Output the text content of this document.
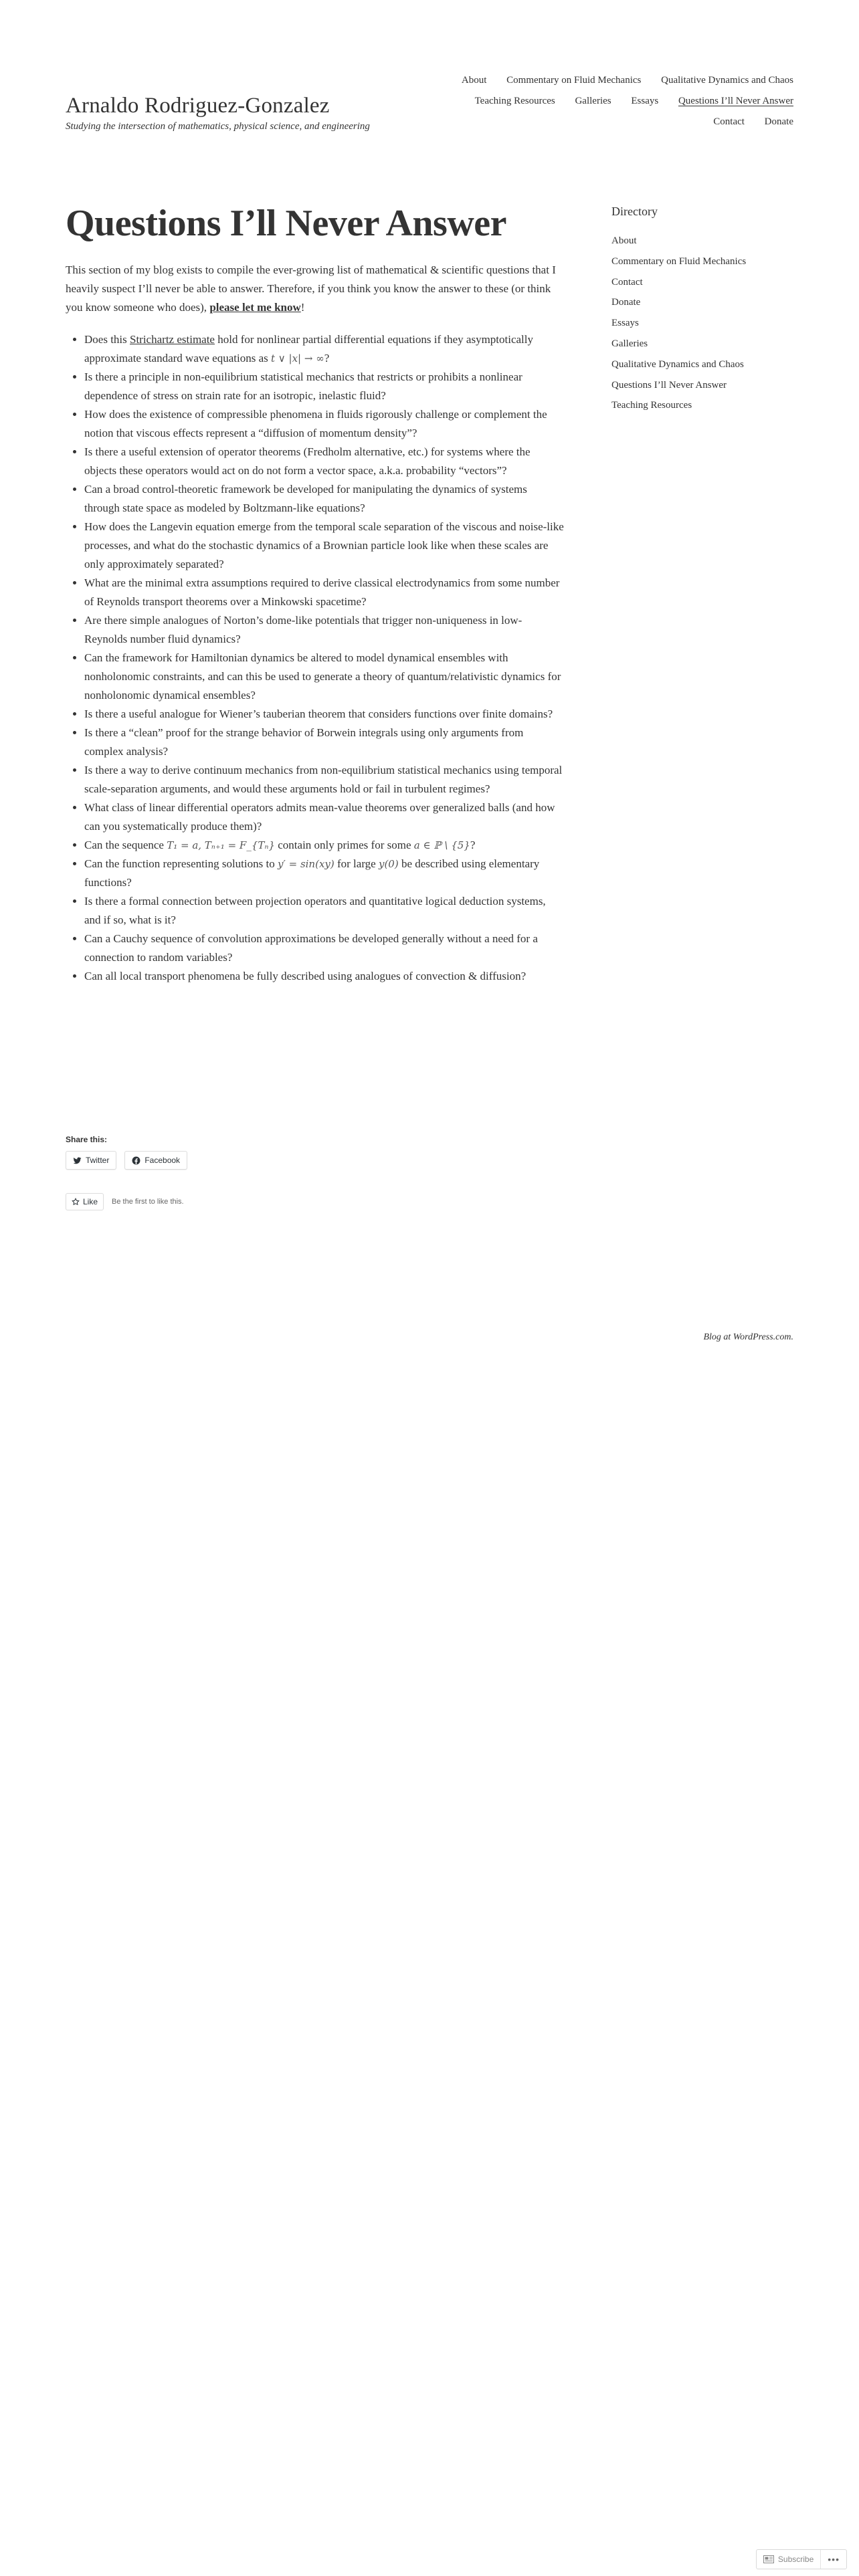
Arnaldo Rodriguez-Gonzalez

Studying the intersection of mathematics, physical science, and engineering

About Commentary on Fluid Mechanics Qualitative Dynamics and Chaos
Teaching Resources Galleries Essays Questions I’ll Never Answer
Contact Donate
Questions I’ll Never Answer

This section of my blog exists to compile the ever-growing list of mathematical & scientific questions that I heavily suspect I’ll never be able to answer. Therefore, if you think you know the answer to these (or think you know someone who does), please let me know!

• Does this Strichartz estimate hold for nonlinear partial differential equations if they asymptotically approximate standard wave equations as t ∨ |x| → ∞?
• Is there a principle in non-equilibrium statistical mechanics that restricts or prohibits a nonlinear dependence of stress on strain rate for an isotropic, inelastic fluid?
• How does the existence of compressible phenomena in fluids rigorously challenge or complement the notion that viscous effects represent a “diffusion of momentum density”?
• Is there a useful extension of operator theorems (Fredholm alternative, etc.) for systems where the objects these operators would act on do not form a vector space, a.k.a. probability “vectors”?
• Can a broad control-theoretic framework be developed for manipulating the dynamics of systems through state space as modeled by Boltzmann-like equations?
• How does the Langevin equation emerge from the temporal scale separation of the viscous and noise-like processes, and what do the stochastic dynamics of a Brownian particle look like when these scales are only approximately separated?
• What are the minimal extra assumptions required to derive classical electrodynamics from some number of Reynolds transport theorems over a Minkowski spacetime?
• Are there simple analogues of Norton’s dome-like potentials that trigger non-uniqueness in low-Reynolds number fluid dynamics?
• Can the framework for Hamiltonian dynamics be altered to model dynamical ensembles with nonholonomic constraints, and can this be used to generate a theory of quantum/relativistic dynamics for nonholonomic dynamical ensembles?
• Is there a useful analogue for Wiener’s tauberian theorem that considers functions over finite domains?
• Is there a “clean” proof for the strange behavior of Borwein integrals using only arguments from complex analysis?
• Is there a way to derive continuum mechanics from non-equilibrium statistical mechanics using temporal scale-separation arguments, and would these arguments hold or fail in turbulent regimes?
• What class of linear differential operators admits mean-value theorems over generalized balls (and how can you systematically produce them)?
• Can the sequence T₁ = a, Tₙ₊₁ = F_{Tₙ} contain only primes for some a ∈ ℙ \ {5}?
• Can the function representing solutions to y′ = sin(xy) for large y(0) be described using elementary functions?
• Is there a formal connection between projection operators and quantitative logical deduction systems, and if so, what is it?
• Can a Cauchy sequence of convolution approximations be developed generally without a need for a connection to random variables?
• Can all local transport phenomena be fully described using analogues of convection & diffusion?
Share this:
Twitter
	Facebook
Like Be the first to like this.
Directory
About
Commentary on Fluid Mechanics
Contact
Donate
Essays
Galleries
Qualitative Dynamics and Chaos
Questions I’ll Never Answer
Teaching Resources
Blog at WordPress.com.
Subscribe	•••
